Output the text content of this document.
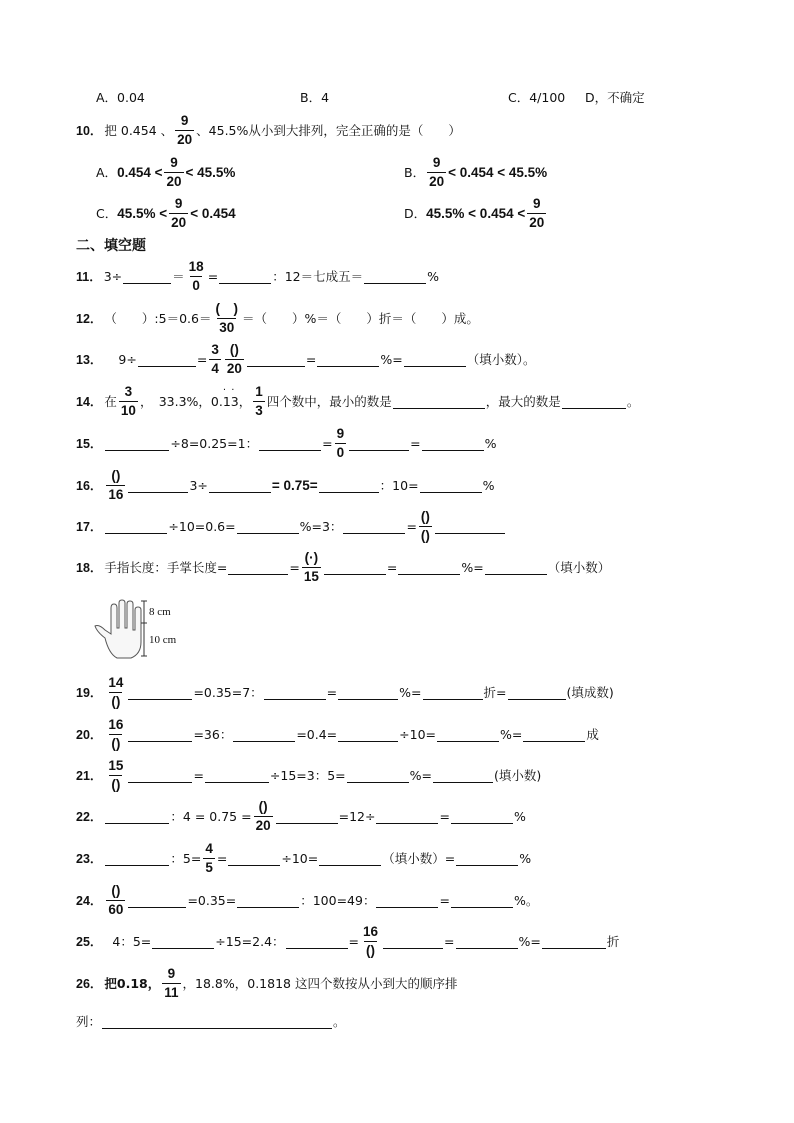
A．0.04	B．4	C．4/100 D，不确定
10． 把 0.454 、 $\frac{9}{20}$ 、45.5%从小到大排列，完全正确的是（　　）
A． $0.454 < \frac{9}{20} < 45.5\%$	B． $\frac{9}{20} < 0.454 < 45.5\%$
C． $45.5\% < \frac{9}{20} < 0.454$	D． $45.5\% < 0.454 < \frac{9}{20}$
二、填空题
11． 3÷	＝ $\frac{18}{0}$ =	：12＝七成五＝	%
12． （　　）:5＝0.6＝ $\frac{( )}{30}$ ＝（　　）%＝（　　）折＝（　　）成。
13． 9÷	= $\frac{3}{4} \frac{()}{20}$	=	%=	（填小数）。
14． 在 $\frac{3}{10}$ ，　33.3%，0.
· · 13 ， $\frac{1}{3}$ 四个数中，最小的数是	，最大的数是	。
15．	÷8=0.25=1：	= $\frac{9}{0}$	=	%
16． $\frac{()}{16}$	3÷	= 0.75=	：10=	%
17．	÷10=0.6=	%=3：	= $\frac{()}{()}$
18． 手指长度：手掌长度=	= $\frac{(\cdot)}{15}$	=	%=	（填小数）
8 cm
10 cm
19． $\frac{14}{()}$	=0.35=7：	=	%=	折=	(填成数)
20． $\frac{16}{()}$	=36：	=0.4=	÷10=	%=	成
21． $\frac{15}{()}$	=	÷15=3：5=	%=	(填小数)
22．	：$4 = 0.75 = \frac{()}{20}$	=12÷	=	%
23．	：$5= \frac{4}{5}$ =	÷10=	（填小数）=	%
24． $\frac{()}{60}$	=0.35=	：100=49：	=	%。
25． 4：5=	÷15=2.4：	= $\frac{16}{()}$	=	%=	折
26． 把0.18， $\frac{9}{11}$ ，18.8%，0.1818 这四个数按从小到大的顺序排
列：	。
